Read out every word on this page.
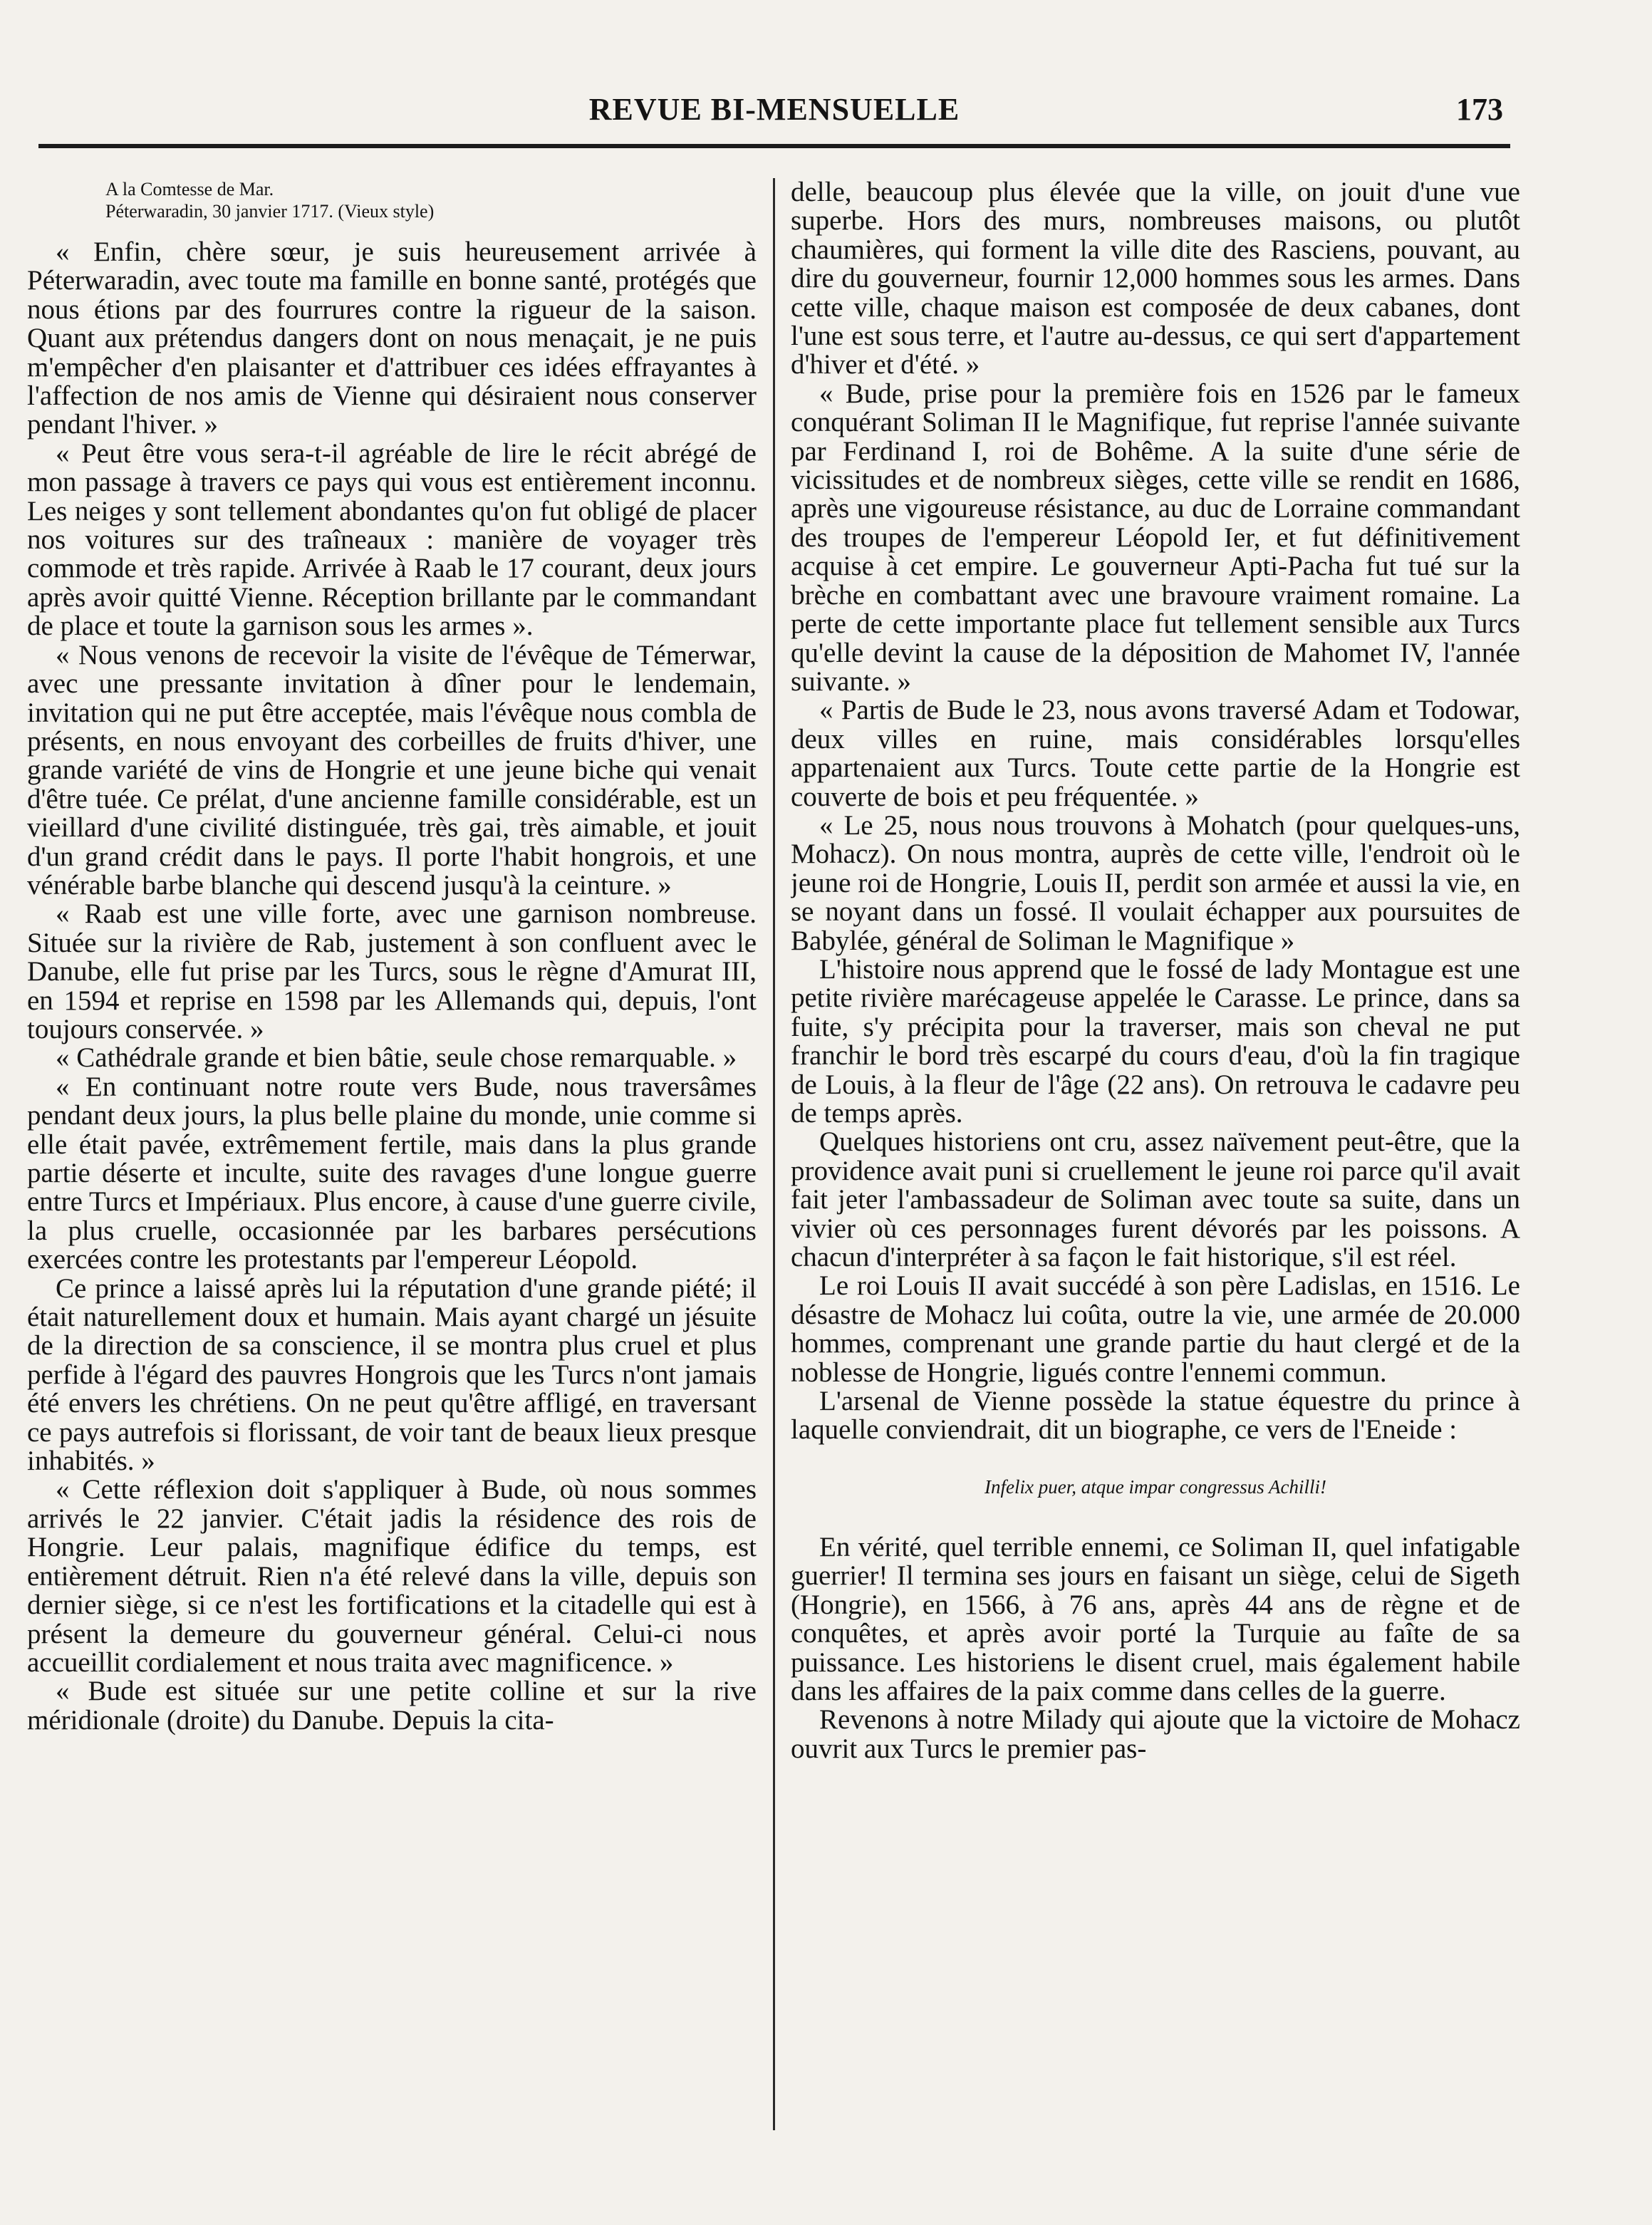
REVUE BI-MENSUELLE	173
A la Comtesse de Mar.
Péterwaradin, 30 janvier 1717. (Vieux style)

« Enfin, chère sœur, je suis heureusement arrivée à Péterwaradin, avec toute ma famille en bonne santé, protégés que nous étions par des fourrures contre la rigueur de la saison. Quant aux prétendus dangers dont on nous menaçait, je ne puis m'empêcher d'en plaisanter et d'attribuer ces idées effrayantes à l'affection de nos amis de Vienne qui désiraient nous conserver pendant l'hiver. »

« Peut être vous sera-t-il agréable de lire le récit abrégé de mon passage à travers ce pays qui vous est entièrement inconnu. Les neiges y sont tellement abondantes qu'on fut obligé de placer nos voitures sur des traîneaux : manière de voyager très commode et très rapide. Arrivée à Raab le 17 courant, deux jours après avoir quitté Vienne. Réception brillante par le commandant de place et toute la garnison sous les armes ».

« Nous venons de recevoir la visite de l'évêque de Témerwar, avec une pressante invitation à dîner pour le lendemain, invitation qui ne put être acceptée, mais l'évêque nous combla de présents, en nous envoyant des corbeilles de fruits d'hiver, une grande variété de vins de Hongrie et une jeune biche qui venait d'être tuée. Ce prélat, d'une ancienne famille considérable, est un vieillard d'une civilité distinguée, très gai, très aimable, et jouit d'un grand crédit dans le pays. Il porte l'habit hongrois, et une vénérable barbe blanche qui descend jusqu'à la ceinture. »

« Raab est une ville forte, avec une garnison nombreuse. Située sur la rivière de Rab, justement à son confluent avec le Danube, elle fut prise par les Turcs, sous le règne d'Amurat III, en 1594 et reprise en 1598 par les Allemands qui, depuis, l'ont toujours conservée. »

« Cathédrale grande et bien bâtie, seule chose remarquable. »

« En continuant notre route vers Bude, nous traversâmes pendant deux jours, la plus belle plaine du monde, unie comme si elle était pavée, extrêmement fertile, mais dans la plus grande partie déserte et inculte, suite des ravages d'une longue guerre entre Turcs et Impériaux. Plus encore, à cause d'une guerre civile, la plus cruelle, occasionnée par les barbares persécutions exercées contre les protestants par l'empereur Léopold.

Ce prince a laissé après lui la réputation d'une grande piété; il était naturellement doux et humain. Mais ayant chargé un jésuite de la direction de sa conscience, il se montra plus cruel et plus perfide à l'égard des pauvres Hongrois que les Turcs n'ont jamais été envers les chrétiens. On ne peut qu'être affligé, en traversant ce pays autrefois si florissant, de voir tant de beaux lieux presque inhabités. »

« Cette réflexion doit s'appliquer à Bude, où nous sommes arrivés le 22 janvier. C'était jadis la résidence des rois de Hongrie. Leur palais, magnifique édifice du temps, est entièrement détruit. Rien n'a été relevé dans la ville, depuis son dernier siège, si ce n'est les fortifications et la citadelle qui est à présent la demeure du gouverneur général. Celui-ci nous accueillit cordialement et nous traita avec magnificence. »

« Bude est située sur une petite colline et sur la rive méridionale (droite) du Danube. Depuis la cita-

delle, beaucoup plus élevée que la ville, on jouit d'une vue superbe. Hors des murs, nombreuses maisons, ou plutôt chaumières, qui forment la ville dite des Rasciens, pouvant, au dire du gouverneur, fournir 12,000 hommes sous les armes. Dans cette ville, chaque maison est composée de deux cabanes, dont l'une est sous terre, et l'autre au-dessus, ce qui sert d'appartement d'hiver et d'été. »

« Bude, prise pour la première fois en 1526 par le fameux conquérant Soliman II le Magnifique, fut reprise l'année suivante par Ferdinand I, roi de Bohême. A la suite d'une série de vicissitudes et de nombreux sièges, cette ville se rendit en 1686, après une vigoureuse résistance, au duc de Lorraine commandant des troupes de l'empereur Léopold Ier, et fut définitivement acquise à cet empire. Le gouverneur Apti-Pacha fut tué sur la brèche en combattant avec une bravoure vraiment romaine. La perte de cette importante place fut tellement sensible aux Turcs qu'elle devint la cause de la déposition de Mahomet IV, l'année suivante. »

« Partis de Bude le 23, nous avons traversé Adam et Todowar, deux villes en ruine, mais considérables lorsqu'elles appartenaient aux Turcs. Toute cette partie de la Hongrie est couverte de bois et peu fréquentée. »

« Le 25, nous nous trouvons à Mohatch (pour quelques-uns, Mohacz). On nous montra, auprès de cette ville, l'endroit où le jeune roi de Hongrie, Louis II, perdit son armée et aussi la vie, en se noyant dans un fossé. Il voulait échapper aux poursuites de Babylée, général de Soliman le Magnifique »

L'histoire nous apprend que le fossé de lady Montague est une petite rivière marécageuse appelée le Carasse. Le prince, dans sa fuite, s'y précipita pour la traverser, mais son cheval ne put franchir le bord très escarpé du cours d'eau, d'où la fin tragique de Louis, à la fleur de l'âge (22 ans). On retrouva le cadavre peu de temps après.

Quelques historiens ont cru, assez naïvement peut-être, que la providence avait puni si cruellement le jeune roi parce qu'il avait fait jeter l'ambassadeur de Soliman avec toute sa suite, dans un vivier où ces personnages furent dévorés par les poissons. A chacun d'interpréter à sa façon le fait historique, s'il est réel.

Le roi Louis II avait succédé à son père Ladislas, en 1516. Le désastre de Mohacz lui coûta, outre la vie, une armée de 20.000 hommes, comprenant une grande partie du haut clergé et de la noblesse de Hongrie, ligués contre l'ennemi commun.

L'arsenal de Vienne possède la statue équestre du prince à laquelle conviendrait, dit un biographe, ce vers de l'Eneide :

Infelix puer, atque impar congressus Achilli!

En vérité, quel terrible ennemi, ce Soliman II, quel infatigable guerrier! Il termina ses jours en faisant un siège, celui de Sigeth (Hongrie), en 1566, à 76 ans, après 44 ans de règne et de conquêtes, et après avoir porté la Turquie au faîte de sa puissance. Les historiens le disent cruel, mais également habile dans les affaires de la paix comme dans celles de la guerre.

Revenons à notre Milady qui ajoute que la victoire de Mohacz ouvrit aux Turcs le premier pas-
